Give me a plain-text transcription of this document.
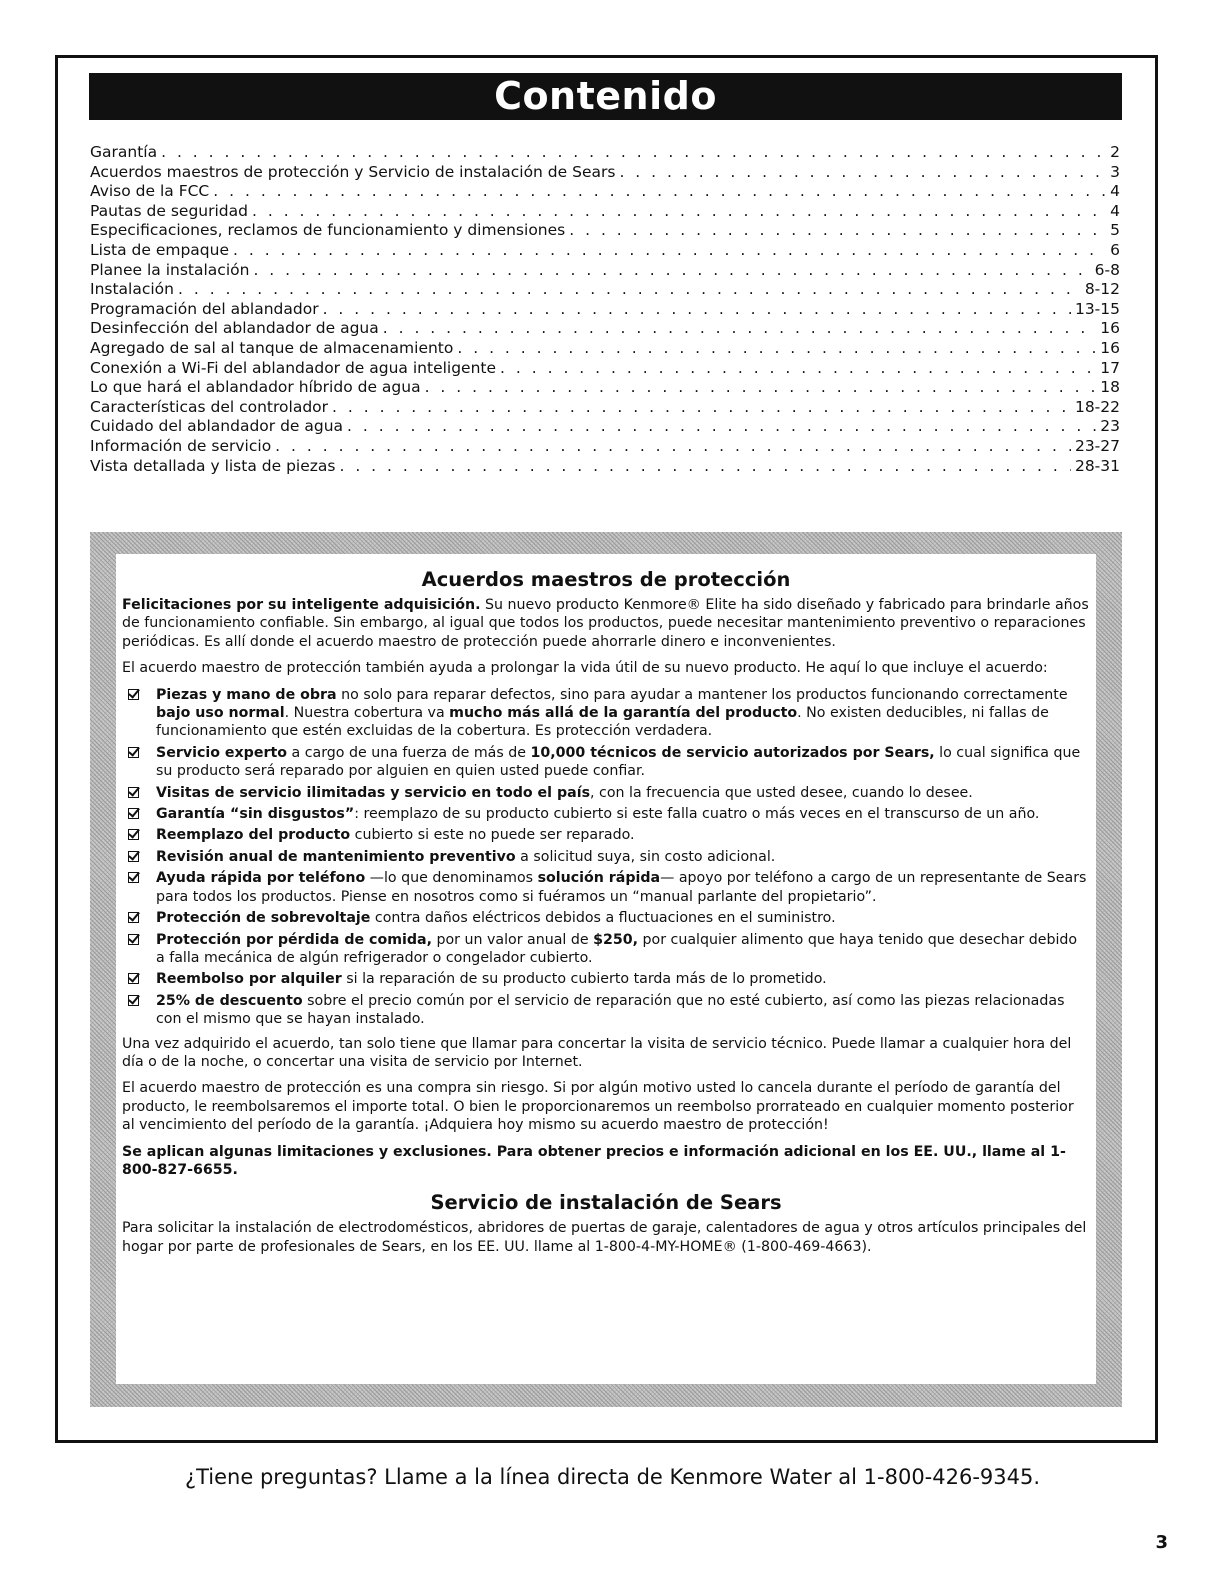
Contenido
Garantía . . .	2
Acuerdos maestros de protección y Servicio de instalación de Sears . . .	3
Aviso de la FCC . . .	4
Pautas de seguridad . . .	4
Especificaciones, reclamos de funcionamiento y dimensiones . . .	5
Lista de empaque . . .	6
Planee la instalación . . .	6-8
Instalación . . .	8-12
Programación del ablandador . . .	13-15
Desinfección del ablandador de agua . . .	16
Agregado de sal al tanque de almacenamiento . . .	16
Conexión a Wi-Fi del ablandador de agua inteligente . . .	17
Lo que hará el ablandador híbrido de agua . . .	18
Características del controlador . . .	18-22
Cuidado del ablandador de agua . . .	23
Información de servicio . . .	23-27
Vista detallada y lista de piezas . . .	28-31
Acuerdos maestros de protección

Felicitaciones por su inteligente adquisición. Su nuevo producto Kenmore® Elite ha sido diseñado y fabricado para brindarle años de funcionamiento confiable. Sin embargo, al igual que todos los productos, puede necesitar mantenimiento preventivo o reparaciones periódicas. Es allí donde el acuerdo maestro de protección puede ahorrarle dinero e inconvenientes.

El acuerdo maestro de protección también ayuda a prolongar la vida útil de su nuevo producto. He aquí lo que incluye el acuerdo:

Piezas y mano de obra no solo para reparar defectos, sino para ayudar a mantener los productos funcionando correctamente bajo uso normal. Nuestra cobertura va mucho más allá de la garantía del producto. No existen deducibles, ni fallas de funcionamiento que estén excluidas de la cobertura. Es protección verdadera.
Servicio experto a cargo de una fuerza de más de 10,000 técnicos de servicio autorizados por Sears, lo cual significa que su producto será reparado por alguien en quien usted puede confiar.
Visitas de servicio ilimitadas y servicio en todo el país, con la frecuencia que usted desee, cuando lo desee.
Garantía “sin disgustos”: reemplazo de su producto cubierto si este falla cuatro o más veces en el transcurso de un año.
Reemplazo del producto cubierto si este no puede ser reparado.
Revisión anual de mantenimiento preventivo a solicitud suya, sin costo adicional.
Ayuda rápida por teléfono —lo que denominamos solución rápida— apoyo por teléfono a cargo de un representante de Sears para todos los productos. Piense en nosotros como si fuéramos un “manual parlante del propietario”.
Protección de sobrevoltaje contra daños eléctricos debidos a fluctuaciones en el suministro.
Protección por pérdida de comida, por un valor anual de $250, por cualquier alimento que haya tenido que desechar debido a falla mecánica de algún refrigerador o congelador cubierto.
Reembolso por alquiler si la reparación de su producto cubierto tarda más de lo prometido.
25% de descuento sobre el precio común por el servicio de reparación que no esté cubierto, así como las piezas relacionadas con el mismo que se hayan instalado.

Una vez adquirido el acuerdo, tan solo tiene que llamar para concertar la visita de servicio técnico. Puede llamar a cualquier hora del día o de la noche, o concertar una visita de servicio por Internet.

El acuerdo maestro de protección es una compra sin riesgo. Si por algún motivo usted lo cancela durante el período de garantía del producto, le reembolsaremos el importe total. O bien le proporcionaremos un reembolso prorrateado en cualquier momento posterior al vencimiento del período de la garantía. ¡Adquiera hoy mismo su acuerdo maestro de protección!

Se aplican algunas limitaciones y exclusiones. Para obtener precios e información adicional en los EE. UU., llame al 1-800-827-6655.

Servicio de instalación de Sears

Para solicitar la instalación de electrodomésticos, abridores de puertas de garaje, calentadores de agua y otros artículos principales del hogar por parte de profesionales de Sears, en los EE. UU. llame al 1-800-4-MY-HOME® (1-800-469-4663).

¿Tiene preguntas? Llame a la línea directa de Kenmore Water al 1-800-426-9345.
3
